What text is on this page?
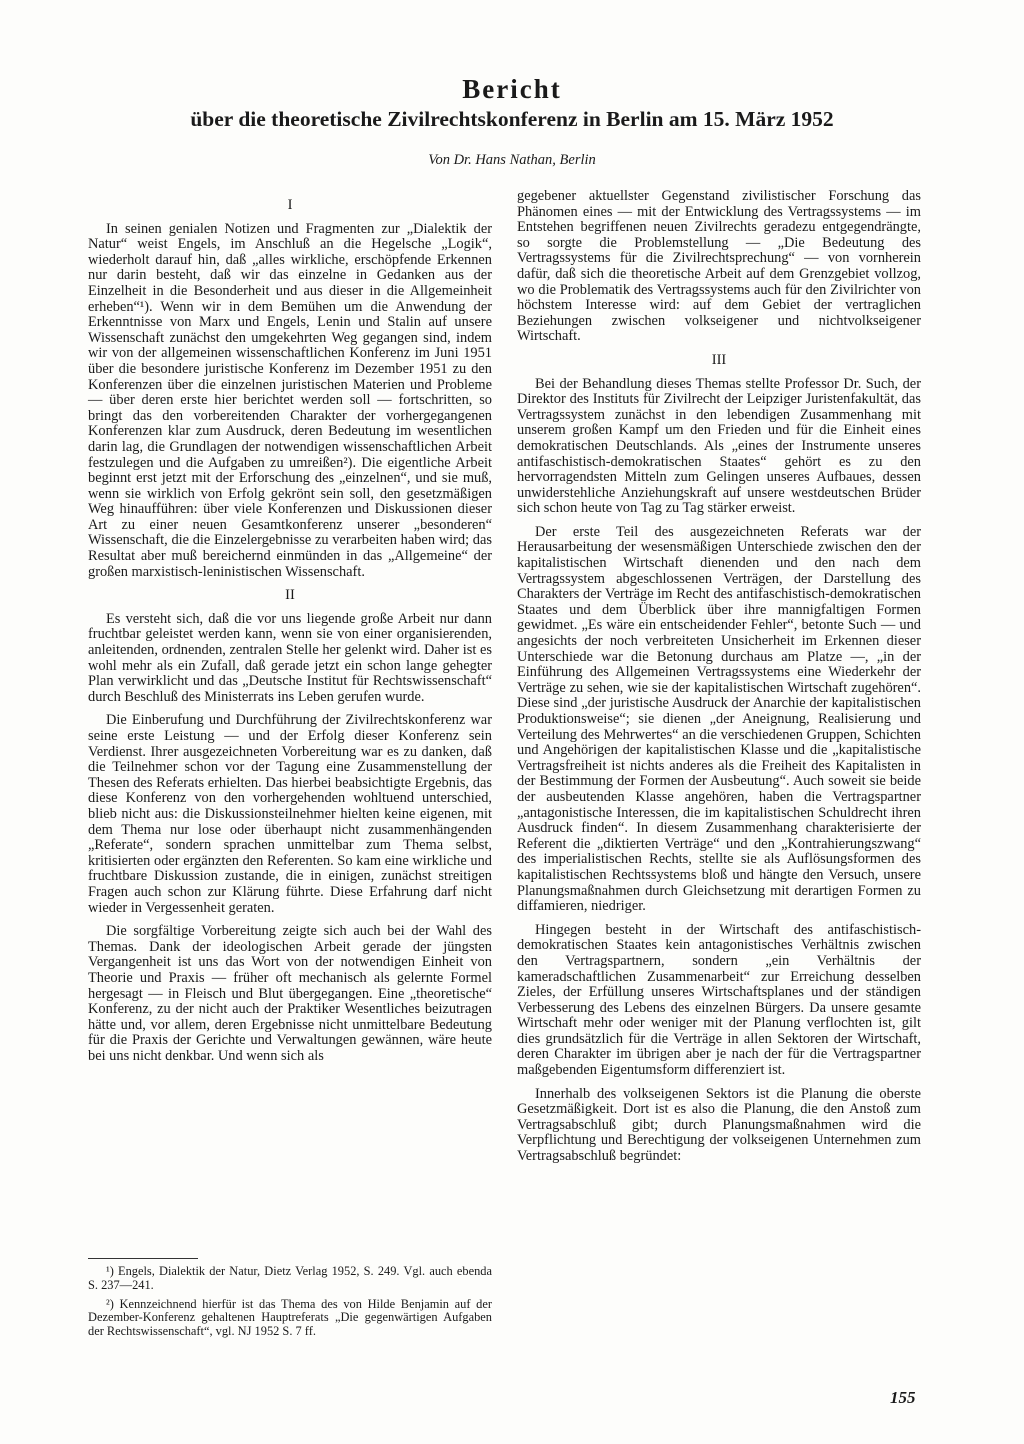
Bericht
über die theoretische Zivilrechtskonferenz in Berlin am 15. März 1952
Von Dr. Hans Nathan, Berlin
I

In seinen genialen Notizen und Fragmenten zur „Dialektik der Natur“ weist Engels, im Anschluß an die Hegelsche „Logik“, wiederholt darauf hin, daß „alles wirkliche, erschöpfende Erkennen nur darin besteht, daß wir das einzelne in Gedanken aus der Einzelheit in die Besonderheit und aus dieser in die Allgemeinheit erheben“¹). Wenn wir in dem Bemühen um die Anwendung der Erkenntnisse von Marx und Engels, Lenin und Stalin auf unsere Wissenschaft zunächst den umgekehrten Weg gegangen sind, indem wir von der allgemeinen wissenschaftlichen Konferenz im Juni 1951 über die besondere juristische Konferenz im Dezember 1951 zu den Konferenzen über die einzelnen juristischen Materien und Probleme — über deren erste hier berichtet werden soll — fortschritten, so bringt das den vorbereitenden Charakter der vorhergegangenen Konferenzen klar zum Ausdruck, deren Bedeutung im wesentlichen darin lag, die Grundlagen der notwendigen wissenschaftlichen Arbeit festzulegen und die Aufgaben zu umreißen²). Die eigentliche Arbeit beginnt erst jetzt mit der Erforschung des „einzelnen“, und sie muß, wenn sie wirklich von Erfolg gekrönt sein soll, den gesetzmäßigen Weg hinaufführen: über viele Konferenzen und Diskussionen dieser Art zu einer neuen Gesamtkonferenz unserer „besonderen“ Wissenschaft, die die Einzelergebnisse zu verarbeiten haben wird; das Resultat aber muß bereichernd einmünden in das „Allgemeine“ der großen marxistisch-leninistischen Wissenschaft.

II

Es versteht sich, daß die vor uns liegende große Arbeit nur dann fruchtbar geleistet werden kann, wenn sie von einer organisierenden, anleitenden, ordnenden, zentralen Stelle her gelenkt wird. Daher ist es wohl mehr als ein Zufall, daß gerade jetzt ein schon lange gehegter Plan verwirklicht und das „Deutsche Institut für Rechtswissenschaft“ durch Beschluß des Ministerrats ins Leben gerufen wurde.

Die Einberufung und Durchführung der Zivilrechtskonferenz war seine erste Leistung — und der Erfolg dieser Konferenz sein Verdienst. Ihrer ausgezeichneten Vorbereitung war es zu danken, daß die Teilnehmer schon vor der Tagung eine Zusammenstellung der Thesen des Referats erhielten. Das hierbei beabsichtigte Ergebnis, das diese Konferenz von den vorhergehenden wohltuend unterschied, blieb nicht aus: die Diskussionsteilnehmer hielten keine eigenen, mit dem Thema nur lose oder überhaupt nicht zusammenhängenden „Referate“, sondern sprachen unmittelbar zum Thema selbst, kritisierten oder ergänzten den Referenten. So kam eine wirkliche und fruchtbare Diskussion zustande, die in einigen, zunächst streitigen Fragen auch schon zur Klärung führte. Diese Erfahrung darf nicht wieder in Vergessenheit geraten.

Die sorgfältige Vorbereitung zeigte sich auch bei der Wahl des Themas. Dank der ideologischen Arbeit gerade der jüngsten Vergangenheit ist uns das Wort von der notwendigen Einheit von Theorie und Praxis — früher oft mechanisch als gelernte Formel hergesagt — in Fleisch und Blut übergegangen. Eine „theoretische“ Konferenz, zu der nicht auch der Praktiker Wesentliches beizutragen hätte und, vor allem, deren Ergebnisse nicht unmittelbare Bedeutung für die Praxis der Gerichte und Verwaltungen gewännen, wäre heute bei uns nicht denkbar. Und wenn sich als

gegebener aktuellster Gegenstand zivilistischer Forschung das Phänomen eines — mit der Entwicklung des Vertragssystems — im Entstehen begriffenen neuen Zivilrechts geradezu entgegendrängte, so sorgte die Problemstellung — „Die Bedeutung des Vertragssystems für die Zivilrechtsprechung“ — von vornherein dafür, daß sich die theoretische Arbeit auf dem Grenzgebiet vollzog, wo die Problematik des Vertragssystems auch für den Zivilrichter von höchstem Interesse wird: auf dem Gebiet der vertraglichen Beziehungen zwischen volkseigener und nichtvolkseigener Wirtschaft.

III

Bei der Behandlung dieses Themas stellte Professor Dr. Such, der Direktor des Instituts für Zivilrecht der Leipziger Juristenfakultät, das Vertragssystem zunächst in den lebendigen Zusammenhang mit unserem großen Kampf um den Frieden und für die Einheit eines demokratischen Deutschlands. Als „eines der Instrumente unseres antifaschistisch-demokratischen Staates“ gehört es zu den hervorragendsten Mitteln zum Gelingen unseres Aufbaues, dessen unwiderstehliche Anziehungskraft auf unsere westdeutschen Brüder sich schon heute von Tag zu Tag stärker erweist.

Der erste Teil des ausgezeichneten Referats war der Herausarbeitung der wesensmäßigen Unterschiede zwischen den der kapitalistischen Wirtschaft dienenden und den nach dem Vertragssystem abgeschlossenen Verträgen, der Darstellung des Charakters der Verträge im Recht des antifaschistisch-demokratischen Staates und dem Überblick über ihre mannigfaltigen Formen gewidmet. „Es wäre ein entscheidender Fehler“, betonte Such — und angesichts der noch verbreiteten Unsicherheit im Erkennen dieser Unterschiede war die Betonung durchaus am Platze —, „in der Einführung des Allgemeinen Vertragssystems eine Wiederkehr der Verträge zu sehen, wie sie der kapitalistischen Wirtschaft zugehören“. Diese sind „der juristische Ausdruck der Anarchie der kapitalistischen Produktionsweise“; sie dienen „der Aneignung, Realisierung und Verteilung des Mehrwertes“ an die verschiedenen Gruppen, Schichten und Angehörigen der kapitalistischen Klasse und die „kapitalistische Vertragsfreiheit ist nichts anderes als die Freiheit des Kapitalisten in der Bestimmung der Formen der Ausbeutung“. Auch soweit sie beide der ausbeutenden Klasse angehören, haben die Vertragspartner „antagonistische Interessen, die im kapitalistischen Schuldrecht ihren Ausdruck finden“. In diesem Zusammenhang charakterisierte der Referent die „diktierten Verträge“ und den „Kontrahierungszwang“ des imperialistischen Rechts, stellte sie als Auflösungsformen des kapitalistischen Rechtssystems bloß und hängte den Versuch, unsere Planungsmaßnahmen durch Gleichsetzung mit derartigen Formen zu diffamieren, niedriger.

Hingegen besteht in der Wirtschaft des antifaschistisch-demokratischen Staates kein antagonistisches Verhältnis zwischen den Vertragspartnern, sondern „ein Verhältnis der kameradschaftlichen Zusammenarbeit“ zur Erreichung desselben Zieles, der Erfüllung unseres Wirtschaftsplanes und der ständigen Verbesserung des Lebens des einzelnen Bürgers. Da unsere gesamte Wirtschaft mehr oder weniger mit der Planung verflochten ist, gilt dies grundsätzlich für die Verträge in allen Sektoren der Wirtschaft, deren Charakter im übrigen aber je nach der für die Vertragspartner maßgebenden Eigentumsform differenziert ist.

Innerhalb des volkseigenen Sektors ist die Planung die oberste Gesetzmäßigkeit. Dort ist es also die Planung, die den Anstoß zum Vertragsabschluß gibt; durch Planungsmaßnahmen wird die Verpflichtung und Berechtigung der volkseigenen Unternehmen zum Vertragsabschluß begründet:

¹) Engels, Dialektik der Natur, Dietz Verlag 1952, S. 249. Vgl. auch ebenda S. 237—241.
²) Kennzeichnend hierfür ist das Thema des von Hilde Benjamin auf der Dezember-Konferenz gehaltenen Hauptreferats „Die gegenwärtigen Aufgaben der Rechtswissenschaft“, vgl. NJ 1952 S. 7 ff.
155
